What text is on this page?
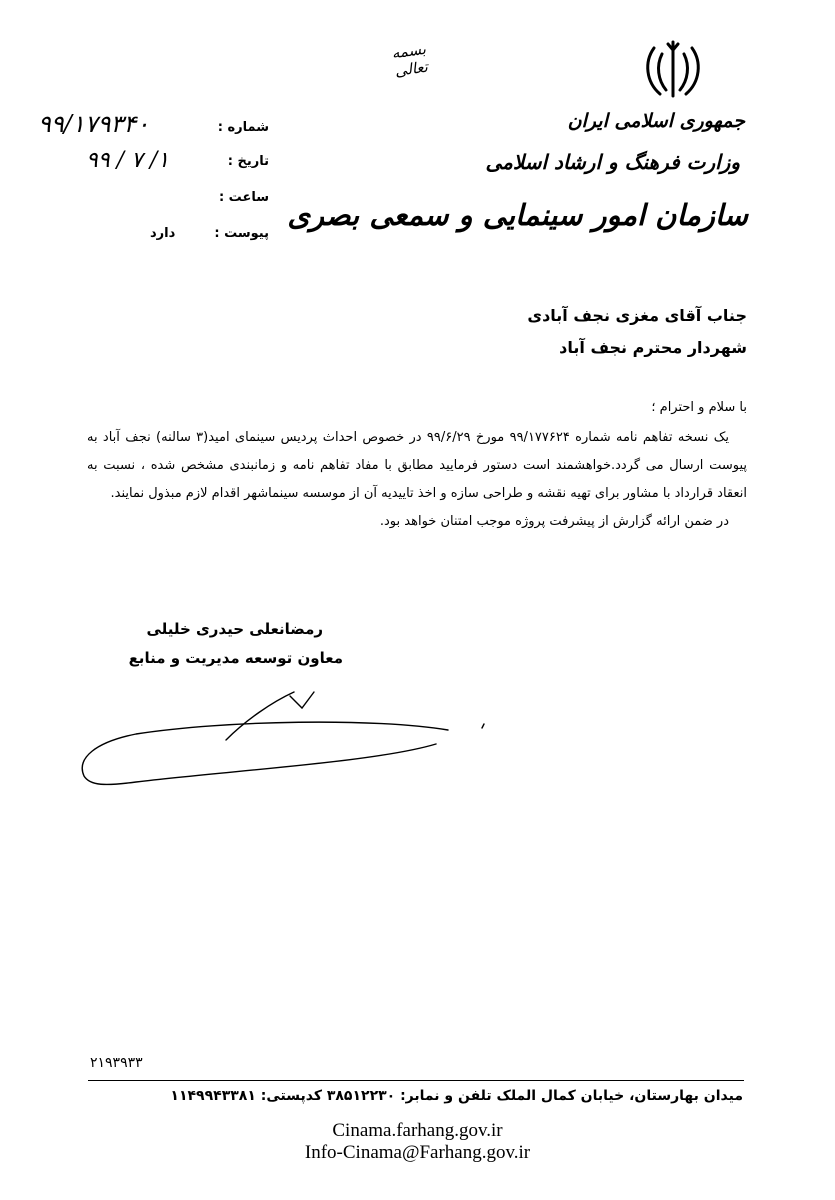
بسمه تعالی
جمهوری اسلامی ایران
وزارت فرهنگ و ارشاد اسلامی
سازمان امور سینمایی و سمعی بصری
شماره :
۹۹/۱۷۹۳۴۰
تاریخ :
۹۹ / ۷ /۱
ساعت :
پیوست :
دارد
جناب آقای مغزی نجف آبادی
شهردار محترم نجف آباد
با سلام و احترام ؛

یک نسخه تفاهم نامه شماره ۹۹/۱۷۷۶۲۴ مورخ ۹۹/۶/۲۹ در خصوص احداث پردیس سینمای امید(۳ سالنه) نجف آباد به پیوست ارسال می گردد.خواهشمند است دستور فرمایید مطابق با مفاد تفاهم نامه و زمانبندی مشخص شده ، نسبت به انعقاد قرارداد با مشاور برای تهیه نقشه و طراحی سازه و اخذ تاییدیه آن از موسسه سینماشهر اقدام لازم مبذول نمایند.

در ضمن ارائه گزارش از پیشرفت پروژه موجب امتنان خواهد بود.

رمضانعلی حیدری خلیلی
معاون توسعه مدیریت و منابع
۲۱۹۳۹۳۳
میدان بهارستان، خیابان کمال الملک تلفن و نمابر: ۳۸۵۱۲۲۳۰ کدپستی: ۱۱۴۹۹۴۳۳۸۱
Cinama.farhang.gov.ir
Info-Cinama@Farhang.gov.ir
